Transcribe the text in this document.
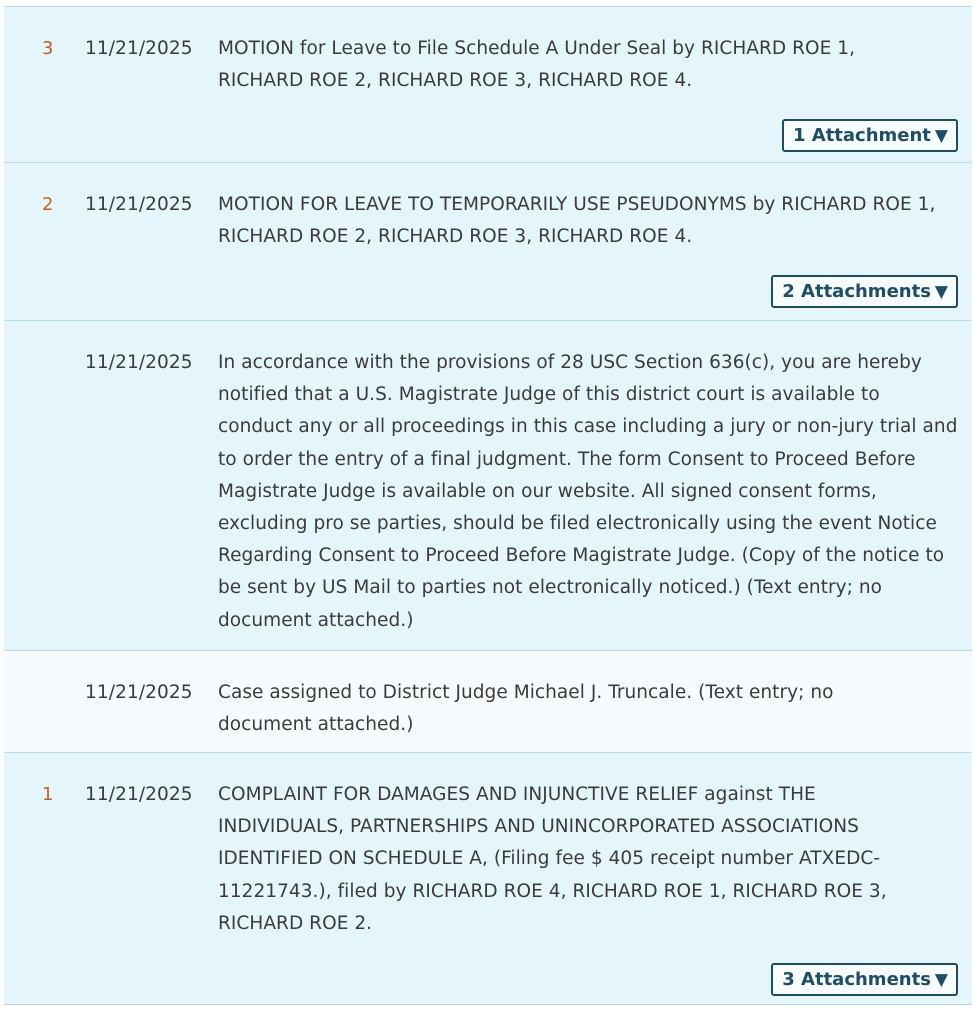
3 11/21/2025 MOTION for Leave to File Schedule A Under Seal by RICHARD ROE 1, RICHARD ROE 2, RICHARD ROE 3, RICHARD ROE 4.
1 Attachment ▼
2 11/21/2025 MOTION FOR LEAVE TO TEMPORARILY USE PSEUDONYMS by RICHARD ROE 1, RICHARD ROE 2, RICHARD ROE 3, RICHARD ROE 4.
2 Attachments ▼
11/21/2025 In accordance with the provisions of 28 USC Section 636(c), you are hereby notified that a U.S. Magistrate Judge of this district court is available to conduct any or all proceedings in this case including a jury or non-jury trial and to order the entry of a final judgment. The form Consent to Proceed Before Magistrate Judge is available on our website. All signed consent forms, excluding pro se parties, should be filed electronically using the event Notice Regarding Consent to Proceed Before Magistrate Judge. (Copy of the notice to be sent by US Mail to parties not electronically noticed.) (Text entry; no document attached.)
11/21/2025 Case assigned to District Judge Michael J. Truncale. (Text entry; no document attached.)
1 11/21/2025 COMPLAINT FOR DAMAGES AND INJUNCTIVE RELIEF against THE INDIVIDUALS, PARTNERSHIPS AND UNINCORPORATED ASSOCIATIONS IDENTIFIED ON SCHEDULE A, (Filing fee $ 405 receipt number ATXEDC-11221743.), filed by RICHARD ROE 4, RICHARD ROE 1, RICHARD ROE 3, RICHARD ROE 2.
3 Attachments ▼
